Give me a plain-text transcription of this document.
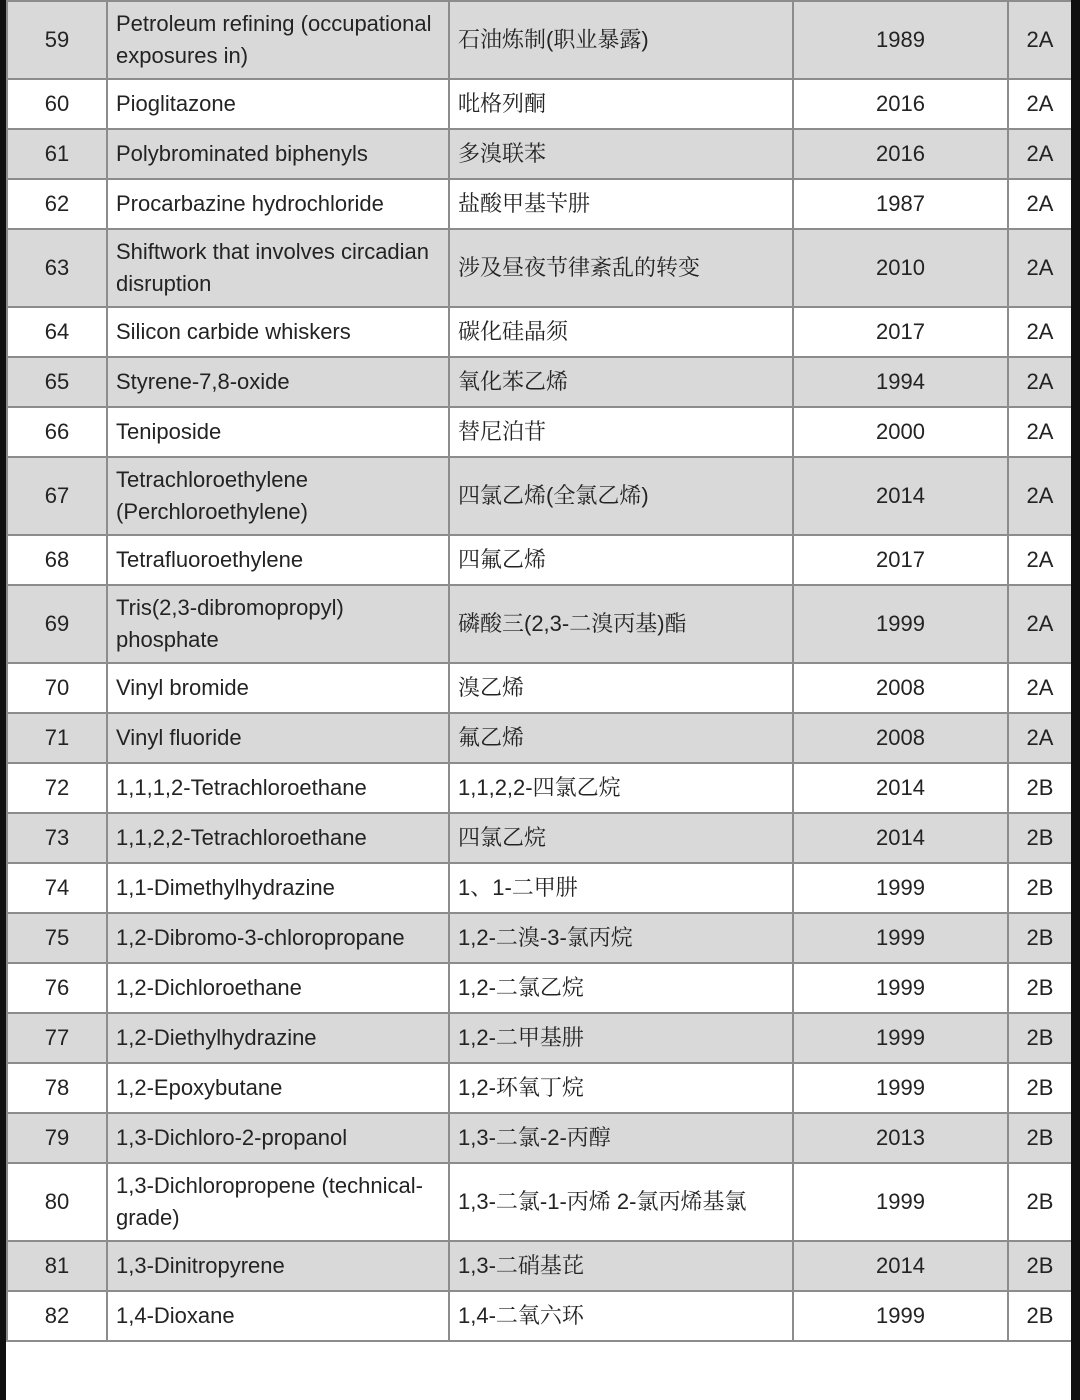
59	Petroleum refining (occupational exposures in)	石油炼制(职业暴露)	1989	2A
60	Pioglitazone	吡格列酮	2016	2A
61	Polybrominated biphenyls	多溴联苯	2016	2A
62	Procarbazine hydrochloride	盐酸甲基苄肼	1987	2A
63	Shiftwork that involves circadian disruption	涉及昼夜节律紊乱的转变	2010	2A
64	Silicon carbide whiskers	碳化硅晶须	2017	2A
65	Styrene-7,8-oxide	氧化苯乙烯	1994	2A
66	Teniposide	替尼泊苷	2000	2A
67	Tetrachloroethylene (Perchloroethylene)	四氯乙烯(全氯乙烯)	2014	2A
68	Tetrafluoroethylene	四氟乙烯	2017	2A
69	Tris(2,3-dibromopropyl) phosphate	磷酸三(2,3-二溴丙基)酯	1999	2A
70	Vinyl bromide	溴乙烯	2008	2A
71	Vinyl fluoride	氟乙烯	2008	2A
72	1,1,1,2-Tetrachloroethane	1,1,2,2-四氯乙烷	2014	2B
73	1,1,2,2-Tetrachloroethane	四氯乙烷	2014	2B
74	1,1-Dimethylhydrazine	1、1-二甲肼	1999	2B
75	1,2-Dibromo-3-chloropropane	1,2-二溴-3-氯丙烷	1999	2B
76	1,2-Dichloroethane	1,2-二氯乙烷	1999	2B
77	1,2-Diethylhydrazine	1,2-二甲基肼	1999	2B
78	1,2-Epoxybutane	1,2-环氧丁烷	1999	2B
79	1,3-Dichloro-2-propanol	1,3-二氯-2-丙醇	2013	2B
80	1,3-Dichloropropene (technical-grade)	1,3-二氯-1-丙烯 2-氯丙烯基氯	1999	2B
81	1,3-Dinitropyrene	1,3-二硝基芘	2014	2B
82	1,4-Dioxane	1,4-二氧六环	1999	2B
